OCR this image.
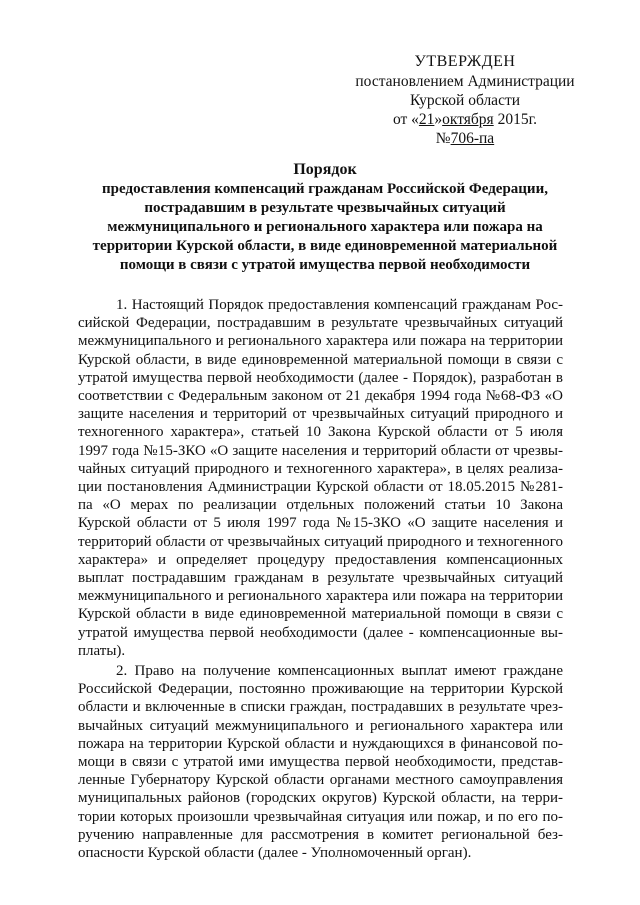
УТВЕРЖДЕН
постановлением Администрации
Курской области
от «21»октября 2015г.
№706-па
Порядок
предоставления компенсаций гражданам Российской Федерации, пострадавшим в результате чрезвычайных ситуаций межмуниципального и регионального характера или пожара на территории Курской области, в виде единовременной материальной помощи в связи с утратой имущества первой необходимости

1. Настоящий Порядок предоставления компенсаций гражданам Российской Федерации, пострадавшим в результате чрезвычайных ситуаций межмуниципального и регионального характера или пожара на территории Курской области, в виде единовременной материальной помощи в связи с утратой имущества первой необходимости (далее - Порядок), разработан в соответствии с Федеральным законом от 21 декабря 1994 года №68-ФЗ «О защите населения и территорий от чрезвычайных ситуаций природного и техногенного характера», статьей 10 Закона Курской области от 5 июля 1997 года №15-ЗКО «О защите населения и территорий области от чрезвычайных ситуаций природного и техногенного характера», в целях реализации постановления Администрации Курской области от 18.05.2015 №281-па «О мерах по реализации отдельных положений статьи 10 Закона Курской области от 5 июля 1997 года №15-ЗКО «О защите населения и территорий области от чрезвычайных ситуаций природного и техногенного характера» и определяет процедуру предоставления компенсационных выплат пострадавшим гражданам в результате чрезвычайных ситуаций межмуниципального и регионального характера или пожара на территории Курской области в виде единовременной материальной помощи в связи с утратой имущества первой необходимости (далее - компенсационные выплаты).

2. Право на получение компенсационных выплат имеют граждане Российской Федерации, постоянно проживающие на территории Курской области и включенные в списки граждан, пострадавших в результате чрезвычайных ситуаций межмуниципального и регионального характера или пожара на территории Курской области и нуждающихся в финансовой помощи в связи с утратой ими имущества первой необходимости, представленные Губернатору Курской области органами местного самоуправления муниципальных районов (городских округов) Курской области, на территории которых произошли чрезвычайная ситуация или пожар, и по его поручению направленные для рассмотрения в комитет региональной безопасности Курской области (далее - Уполномоченный орган).
